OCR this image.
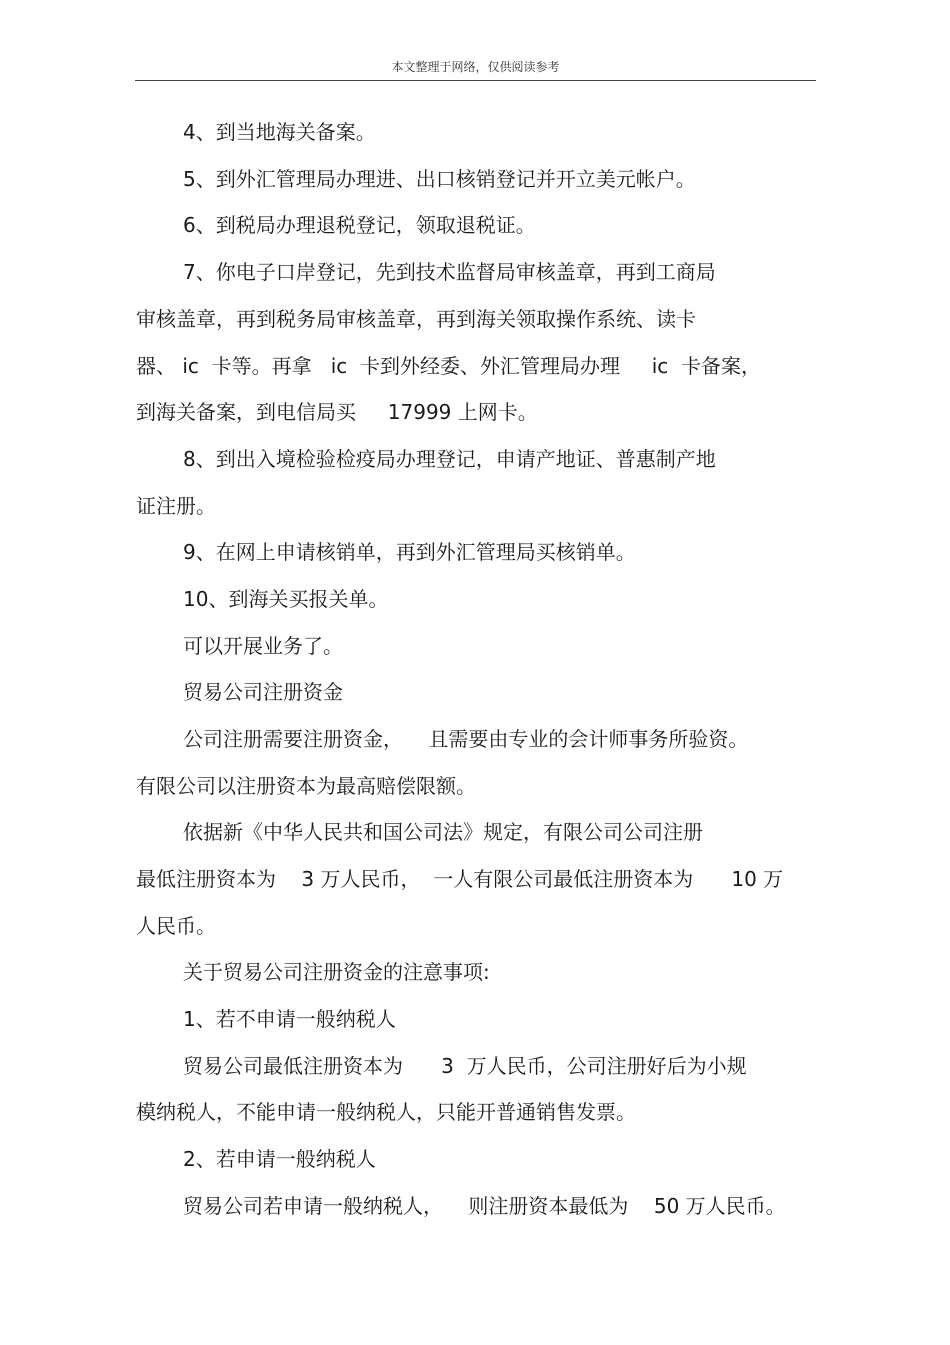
本文整理于网络，仅供阅读参考
4、到当地海关备案。
5、到外汇管理局办理进、出口核销登记并开立美元帐户。
6、到税局办理退税登记，领取退税证。
7、你电子口岸登记，先到技术监督局审核盖章，再到工商局
审核盖章，再到税务局审核盖章，再到海关领取操作系统、读卡
器、 ic  卡等。再拿   ic  卡到外经委、外汇管理局办理     ic  卡备案，
到海关备案，到电信局买     17999 上网卡。
8、到出入境检验检疫局办理登记，申请产地证、普惠制产地
证注册。
9、在网上申请核销单，再到外汇管理局买核销单。
10、到海关买报关单。
可以开展业务了。
贸易公司注册资金
公司注册需要注册资金，    且需要由专业的会计师事务所验资。
有限公司以注册资本为最高赔偿限额。
依据新《中华人民共和国公司法》规定，有限公司公司注册
最低注册资本为    3 万人民币，  一人有限公司最低注册资本为      10 万
人民币。
关于贸易公司注册资金的注意事项:
1、若不申请一般纳税人
贸易公司最低注册资本为      3  万人民币，公司注册好后为小规
模纳税人，不能申请一般纳税人，只能开普通销售发票。
2、若申请一般纳税人
贸易公司若申请一般纳税人，    则注册资本最低为    50 万人民币。
